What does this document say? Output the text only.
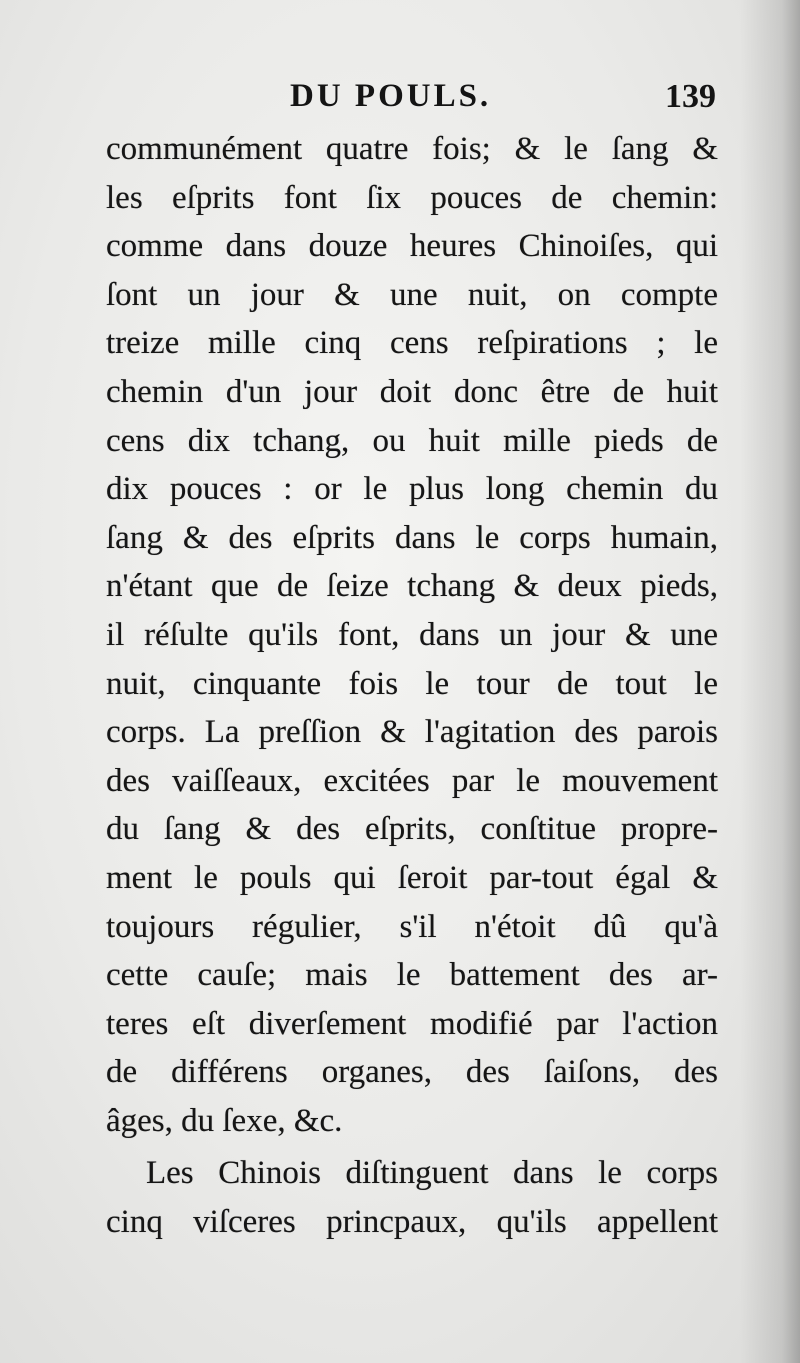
DU POULS.	139
communément quatre fois; & le ſang &
les eſprits font ſix pouces de chemin:
comme dans douze heures Chinoiſes, qui
ſont un jour & une nuit, on compte
treize mille cinq cens reſpirations ; le
chemin d'un jour doit donc être de huit
cens dix tchang, ou huit mille pieds de
dix pouces : or le plus long chemin du
ſang & des eſprits dans le corps humain,
n'étant que de ſeize tchang & deux pieds,
il réſulte qu'ils font, dans un jour & une
nuit, cinquante fois le tour de tout le
corps. La preſſion & l'agitation des parois
des vaiſſeaux, excitées par le mouvement
du ſang & des eſprits, conſtitue propre-
ment le pouls qui ſeroit par-tout égal &
toujours régulier, s'il n'étoit dû qu'à
cette cauſe; mais le battement des ar-
teres eſt diverſement modifié par l'action
de différens organes, des ſaiſons, des
âges, du ſexe, &c.
Les Chinois diſtinguent dans le corps
cinq viſceres princpaux, qu'ils appellent
